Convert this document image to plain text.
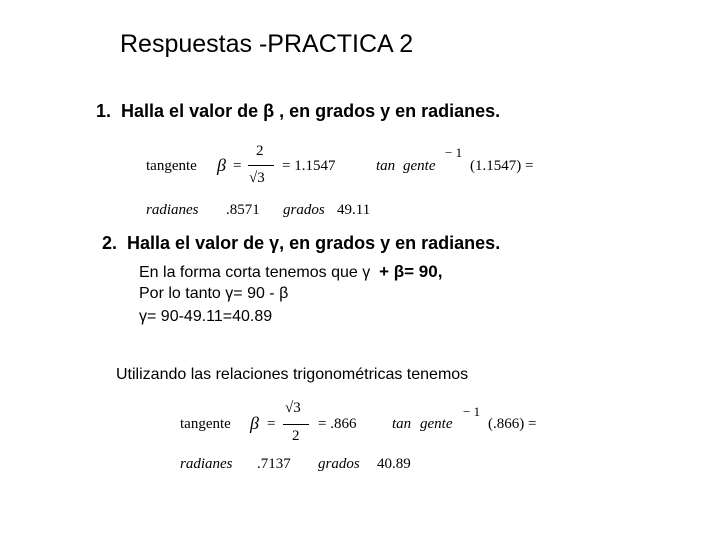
Respuestas -PRACTICA 2
1. Halla el valor de β , en grados y en radianes.
tangente β =
2
√3
= 1.1547	tan gente
− 1
(1.1547) =
radianes .8571 grados 49.11
2. Halla el valor de γ, en grados y en radianes.
En la forma corta tenemos que γ + β= 90,
Por lo tanto γ= 90 - β
γ= 90-49.11=40.89
Utilizando las relaciones trigonométricas tenemos
tangente β =
√3
2
= .866 tan gente
− 1
(.866) =
radianes .7137 grados 40.89
